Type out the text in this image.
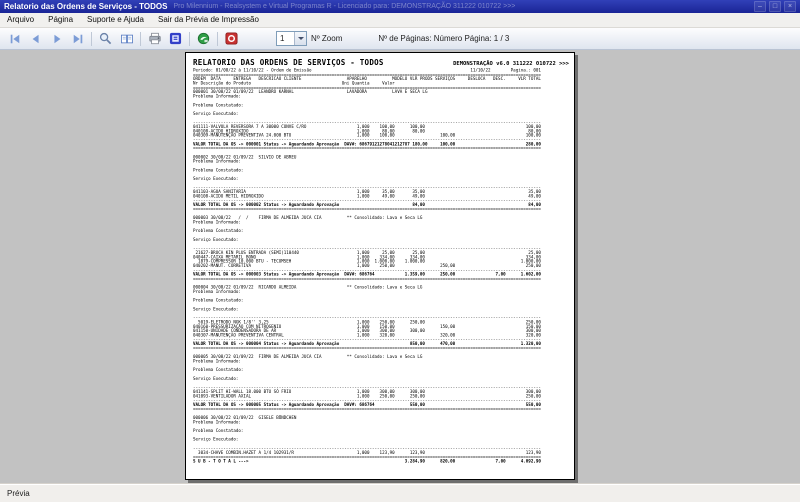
Relatorio das Ordens de Serviços - TODOS Pro Milennium - Realsystem e Virtual Programas R - Licenciado para: DEMONSTRAÇÃO 311222 010722 >>>	–	□	×
Arquivo	Página	Suporte e Ajuda	Sair da Prévia de Impressão
1	Nº Zoom	Nº de Páginas: Número Página: 1 / 3
RELATORIO DAS ORDENS DE SERVIÇOS - TODOS	DEMONSTRAÇÃO v6.0 311222 010722 >>>
Periodo: 01/08/22 à 11/10/22 - Ordem de Emissão                                                               11/10/22        Pagina.: 001
==========================================================================================================================================
ORDEM  DATA     ENTREGA   DESCRICAO CLIENTE                  APARELHO          MODELO VLR PRODS SERVIÇOS     DESLOCA   DESC.     VLR TOTAL
Nr Descrição do Produto                                    Uni Quantia     Valor
==========================================================================================================================================
000001 30/08/22 01/09/22  LEANDRO KARNAL                     LAVADORA          LAVA E SECA LG
Problema Informado:

Problema Constatado:

Serviço Executado:

------------------------------------------------------------------------------------------------------------------------------------------
041111-VALVULA REVERSORA 7 A 30000 CONVE C/RO                    1,000    100,00      100,00                                        100,00
040108-ACIDO HIDROXIDO                                           1,000     80,00       80,00                                         80,00
040309-MANUTENÇÃO PREVENTIVA 24.000 BTU                          1,000    100,00                  100,00                            100,00
------------------------------------------------------------------------------------------------------------------------------------------
VALOR TOTAL DA OS -> 000001 Status -> Aguardando Aprovação  DAV#: 68679121278041212787 180,00     100,00                            280,00
==========================================================================================================================================

000002 30/08/22 01/09/22  SILVIO DE ABREU
Problema Informado:

Problema Constatado:

Serviço Executado:

------------------------------------------------------------------------------------------------------------------------------------------
041103-AGUA SANITARIA                                            1,000     35,00       35,00                                         35,00
040108-ACIDO METIL HIDROXIDO                                     1,000     49,00       49,00                                         49,00
------------------------------------------------------------------------------------------------------------------------------------------
VALOR TOTAL DA OS -> 000002 Status -> Aguardando Aprovação                             84,00                                         84,00
==========================================================================================================================================

000003 30/08/22   /  /    FIRMA DE ALMEIDA JUCA CIA          ** Consolidado: Lava e Seca LG
Problema Informado:

Problema Constatado:

Serviço Executado:

------------------------------------------------------------------------------------------------------------------------------------------
21627-BROCA KIN PLUS ENTRADA (SEMI)110440                       1,000     25,00       25,00                                         25,00
040447-CAIXA METARIL BONO                                        1,000    334,00      334,00                                        334,00
1879-COMPRESSOR 10.000 BTU - TECUMSEH                          1,000  1.000,00    1.000,00                                      1.000,00
040202-MANUT. CORRETIVA                                          1,000    250,00                  250,00                            250,00
------------------------------------------------------------------------------------------------------------------------------------------
VALOR TOTAL DA OS -> 000003 Status -> Aguardando Aprovação  DAV#: 686764            1.359,00      250,00                7,00      1.602,00
==========================================================================================================================================

000004 30/08/22 01/09/22  RICARDO ALMEIDA                    ** Consolidado: Lava e Seca LG
Problema Informado:

Problema Constatado:

Serviço Executado:

------------------------------------------------------------------------------------------------------------------------------------------
5019-ELETRODO NGK 1/8'' 3,25                                   1,000    250,00      250,00                                        250,00
040160-PRESSURIZAÇÃO COM NITROGENIO                              1,000    150,00                  150,00                            150,00
041150-UNIDADE CONDENSADORA DE AR                                1,000    300,00      300,00                                        300,00
040307-MANUTENÇÃO PREVENTIVA CENTRAL                             1,000    320,00                  320,00                            320,00
------------------------------------------------------------------------------------------------------------------------------------------
VALOR TOTAL DA OS -> 000004 Status -> Aguardando Aprovação                            850,00      470,00                          1.320,00
==========================================================================================================================================

000005 30/08/22 01/09/22  FIRMA DE ALMEIDA JUCA CIA          ** Consolidado: Lava e Seca LG
Problema Informado:

Problema Constatado:

Serviço Executado:

------------------------------------------------------------------------------------------------------------------------------------------
041141-SPLIT HI-WALL 18.000 BTU SÓ FRIO                          1,000    300,00      300,00                                        300,00
041093-VENTILADOR AXIAL                                          1,000    250,00      250,00                                        250,00
------------------------------------------------------------------------------------------------------------------------------------------
VALOR TOTAL DA OS -> 000005 Status -> Aguardando Aprovação  DAV#: 686764              550,00                                        550,00
==========================================================================================================================================

000006 30/08/22 01/09/22  GISELE BÜNDCHEN
Problema Informado:

Problema Constatado:

Serviço Executado:

------------------------------------------------------------------------------------------------------------------------------------------
3034-CHAVE COMBIN.HAZET A 1/4 102931/R                         1,000    123,90      123,90                                        123,90
==========================================================================================================================================
S U B - T O T A L --->                                                              3.284,90      820,00                7,00      4.092,90
Prévia
